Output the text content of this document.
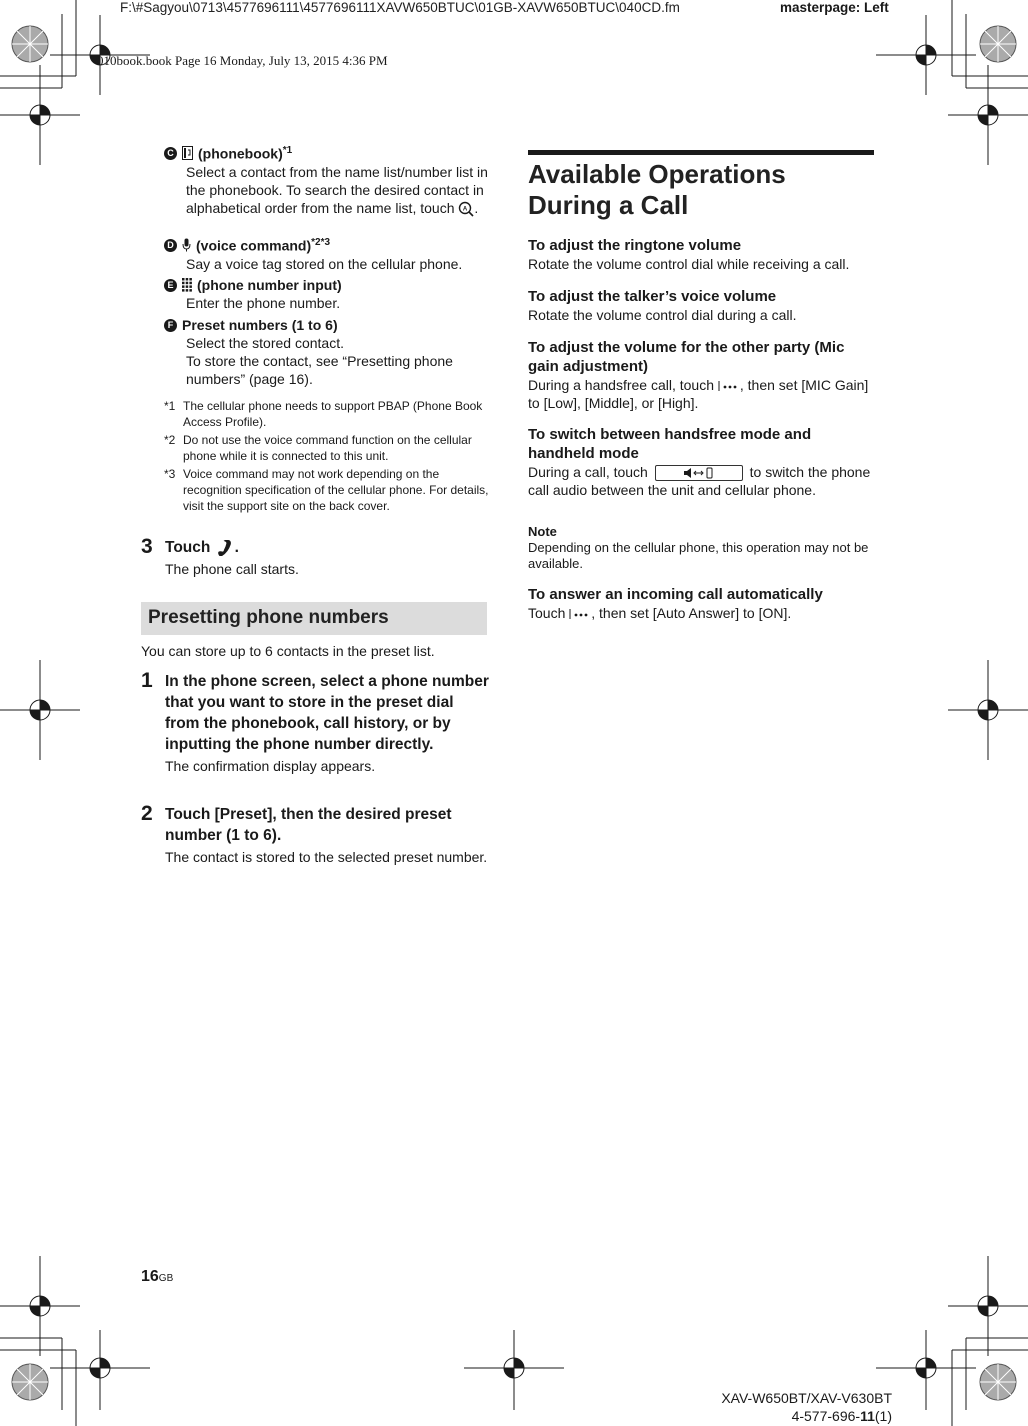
F:\#Sagyou\0713\4577696111\4577696111XAVW650BTUC\01GB-XAVW650BTUC\040CD.fm	masterpage: Left
010book.book Page 16 Monday, July 13, 2015 4:36 PM
C (phonebook)$^{*1}$
Select a contact from the name list/number list in the phonebook. To search the desired contact in alphabetical order from the name list, touch A .
D (voice command)$^{*2*3}$
Say a voice tag stored on the cellular phone.
E (phone number input)
Enter the phone number.
F Preset numbers (1 to 6)
Select the stored contact.
To store the contact, see “Presetting phone numbers” (page 16).
*1 The cellular phone needs to support PBAP (Phone Book Access Profile).
*2 Do not use the voice command function on the cellular phone while it is connected to this unit.
*3 Voice command may not work depending on the recognition specification of the cellular phone. For details, visit the support site on the back cover.
3 Touch .
The phone call starts.
Presetting phone numbers
You can store up to 6 contacts in the preset list.
1 In the phone screen, select a phone number that you want to store in the preset dial from the phonebook, call history, or by inputting the phone number directly.
The confirmation display appears.
2 Touch [Preset], then the desired preset number (1 to 6).
The contact is stored to the selected preset number.
Available Operations During a Call
To adjust the ringtone volume
Rotate the volume control dial while receiving a call.
To adjust the talker’s voice volume
Rotate the volume control dial during a call.
To adjust the volume for the other party (Mic gain adjustment)
During a handsfree call, touch , then set [MIC Gain] to [Low], [Middle], or [High].
To switch between handsfree mode and handheld mode
During a call, touch	to switch the phone call audio between the unit and cellular phone.
Note
Depending on the cellular phone, this operation may not be available.
To answer an incoming call automatically
Touch , then set [Auto Answer] to [ON].
16GB
XAV-W650BT/XAV-V630BT
4-577-696-11(1)
